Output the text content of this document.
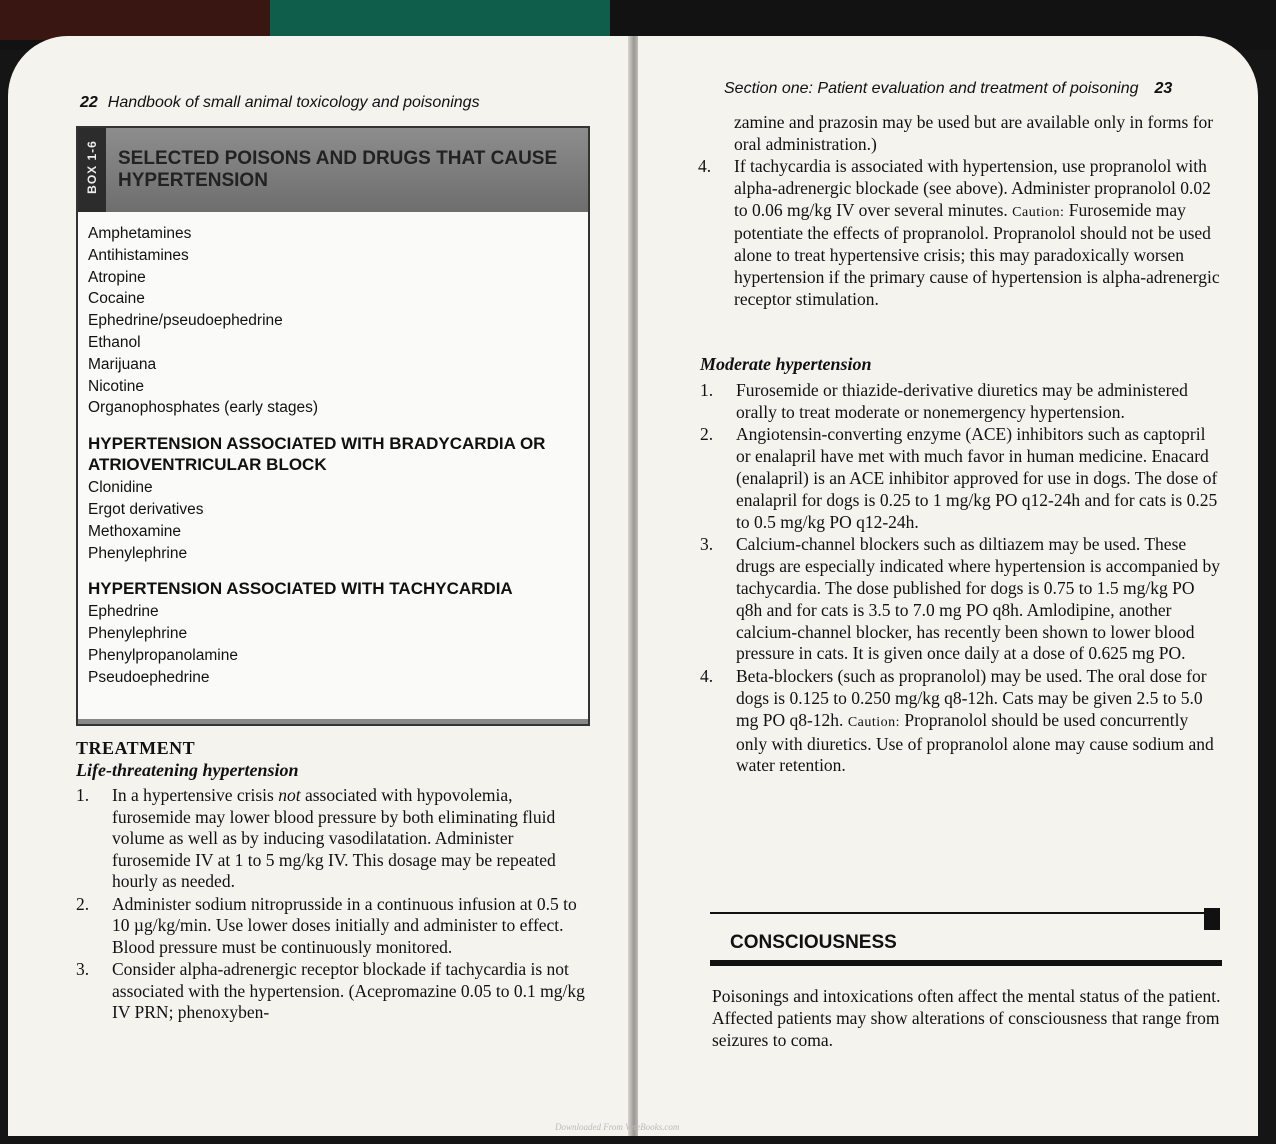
22 Handbook of small animal toxicology and poisonings
BOX 1-6 SELECTED POISONS AND DRUGS THAT CAUSE HYPERTENSION
Amphetamines
Antihistamines
Atropine
Cocaine
Ephedrine/pseudoephedrine
Ethanol
Marijuana
Nicotine
Organophosphates (early stages)
HYPERTENSION ASSOCIATED WITH BRADYCARDIA OR ATRIOVENTRICULAR BLOCK
Clonidine
Ergot derivatives
Methoxamine
Phenylephrine
HYPERTENSION ASSOCIATED WITH TACHYCARDIA
Ephedrine
Phenylephrine
Phenylpropanolamine
Pseudoephedrine
TREATMENT
Life-threatening hypertension
1. In a hypertensive crisis not associated with hypovolemia, furosemide may lower blood pressure by both eliminating fluid volume as well as by inducing vasodilatation. Administer furosemide IV at 1 to 5 mg/kg IV. This dosage may be repeated hourly as needed.
2. Administer sodium nitroprusside in a continuous infusion at 0.5 to 10 µg/kg/min. Use lower doses initially and administer to effect. Blood pressure must be continuously monitored.
3. Consider alpha-adrenergic receptor blockade if tachycardia is not associated with the hypertension. (Acepromazine 0.05 to 0.1 mg/kg IV PRN; phenoxyben-
Section one: Patient evaluation and treatment of poisoning 23
zamine and prazosin may be used but are available only in forms for oral administration.)
4. If tachycardia is associated with hypertension, use propranolol with alpha-adrenergic blockade (see above). Administer propranolol 0.02 to 0.06 mg/kg IV over several minutes. Caution: Furosemide may potentiate the effects of propranolol. Propranolol should not be used alone to treat hypertensive crisis; this may paradoxically worsen hypertension if the primary cause of hypertension is alpha-adrenergic receptor stimulation.
Moderate hypertension
1. Furosemide or thiazide-derivative diuretics may be administered orally to treat moderate or nonemergency hypertension.
2. Angiotensin-converting enzyme (ACE) inhibitors such as captopril or enalapril have met with much favor in human medicine. Enacard (enalapril) is an ACE inhibitor approved for use in dogs. The dose of enalapril for dogs is 0.25 to 1 mg/kg PO q12-24h and for cats is 0.25 to 0.5 mg/kg PO q12-24h.
3. Calcium-channel blockers such as diltiazem may be used. These drugs are especially indicated where hypertension is accompanied by tachycardia. The dose published for dogs is 0.75 to 1.5 mg/kg PO q8h and for cats is 3.5 to 7.0 mg PO q8h. Amlodipine, another calcium-channel blocker, has recently been shown to lower blood pressure in cats. It is given once daily at a dose of 0.625 mg PO.
4. Beta-blockers (such as propranolol) may be used. The oral dose for dogs is 0.125 to 0.250 mg/kg q8-12h. Cats may be given 2.5 to 5.0 mg PO q8-12h. Caution: Propranolol should be used concurrently only with diuretics. Use of propranolol alone may cause sodium and water retention.
CONSCIOUSNESS
Poisonings and intoxications often affect the mental status of the patient. Affected patients may show alterations of consciousness that range from seizures to coma.
Downloaded From VeteBooks.com
